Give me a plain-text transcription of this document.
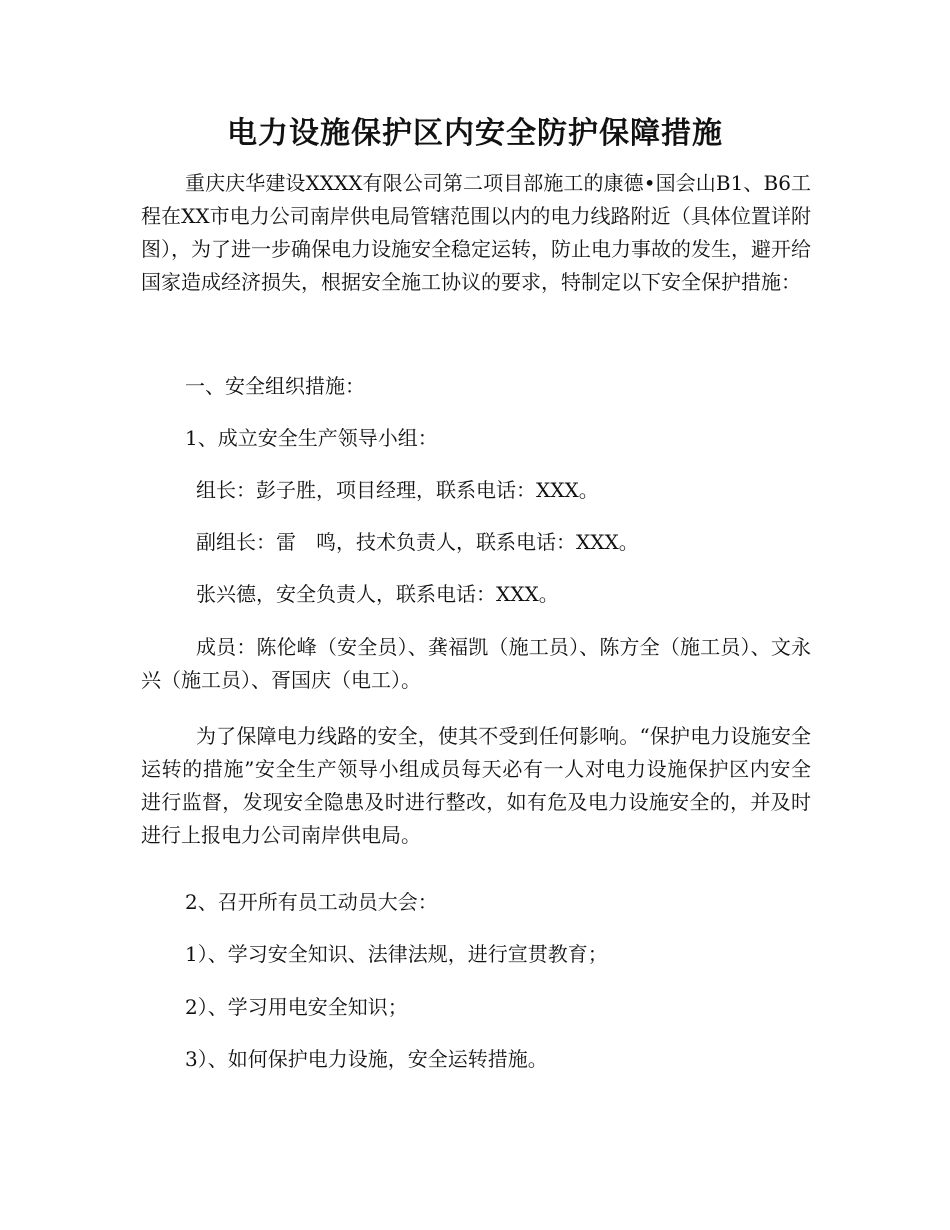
电力设施保护区内安全防护保障措施

重庆庆华建设XXXX有限公司第二项目部施工的康德•国会山B1、B6工程在XX市电力公司南岸供电局管辖范围以内的电力线路附近（具体位置详附图），为了进一步确保电力设施安全稳定运转，防止电力事故的发生，避开给国家造成经济损失，根据安全施工协议的要求，特制定以下安全保护措施：

一、安全组织措施：

1、成立安全生产领导小组：

组长：彭子胜，项目经理，联系电话：XXX。

副组长：雷　鸣，技术负责人，联系电话：XXX。

张兴德，安全负责人，联系电话：XXX。

成员：陈伦峰（安全员）、龚福凯（施工员）、陈方全（施工员）、文永兴（施工员）、胥国庆（电工）。

为了保障电力线路的安全，使其不受到任何影响。“保护电力设施安全运转的措施”安全生产领导小组成员每天必有一人对电力设施保护区内安全进行监督，发现安全隐患及时进行整改，如有危及电力设施安全的，并及时进行上报电力公司南岸供电局。

2、召开所有员工动员大会：

1）、学习安全知识、法律法规，进行宣贯教育；

2）、学习用电安全知识；

3）、如何保护电力设施，安全运转措施。
